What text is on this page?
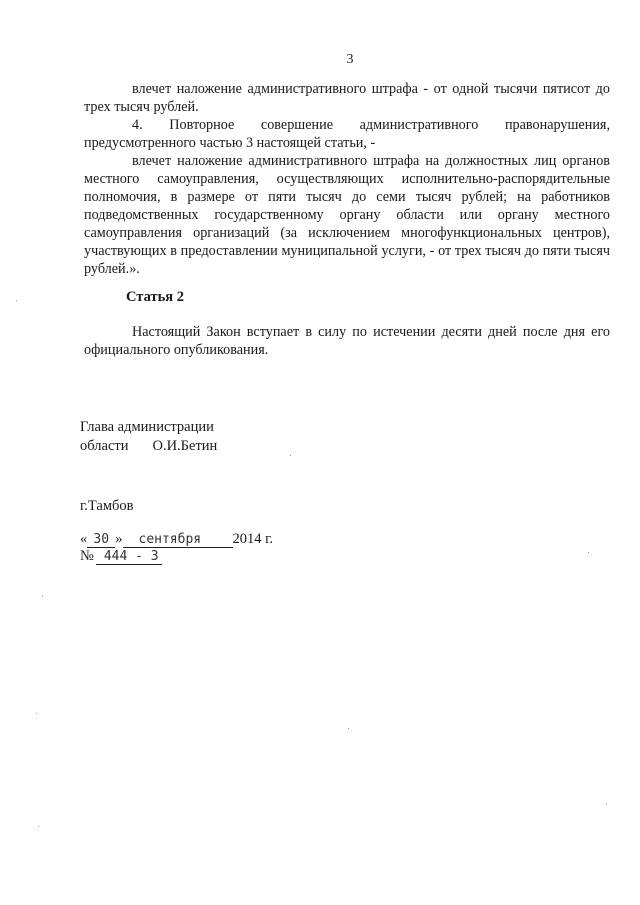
3

влечет наложение административного штрафа - от одной тысячи пятисот до трех тысяч рублей.

4. Повторное совершение административного правонарушения, предусмотренного частью 3 настоящей статьи, -

влечет наложение административного штрафа на должностных лиц органов местного самоуправления, осуществляющих исполнительно-распорядительные полномочия, в размере от пяти тысяч до семи тысяч рублей; на работников подведомственных государственному органу области или органу местного самоуправления организаций (за исключением многофункциональных центров), участвующих в предоставлении муниципальной услуги, - от трех тысяч до пяти тысяч рублей.».

Статья 2

Настоящий Закон вступает в силу по истечении десяти дней после дня его официального опубликования.

Глава администрации
области О.И.Бетин
г.Тамбов
« 30 »	сентября	2014 г.
№ 444 - 3
